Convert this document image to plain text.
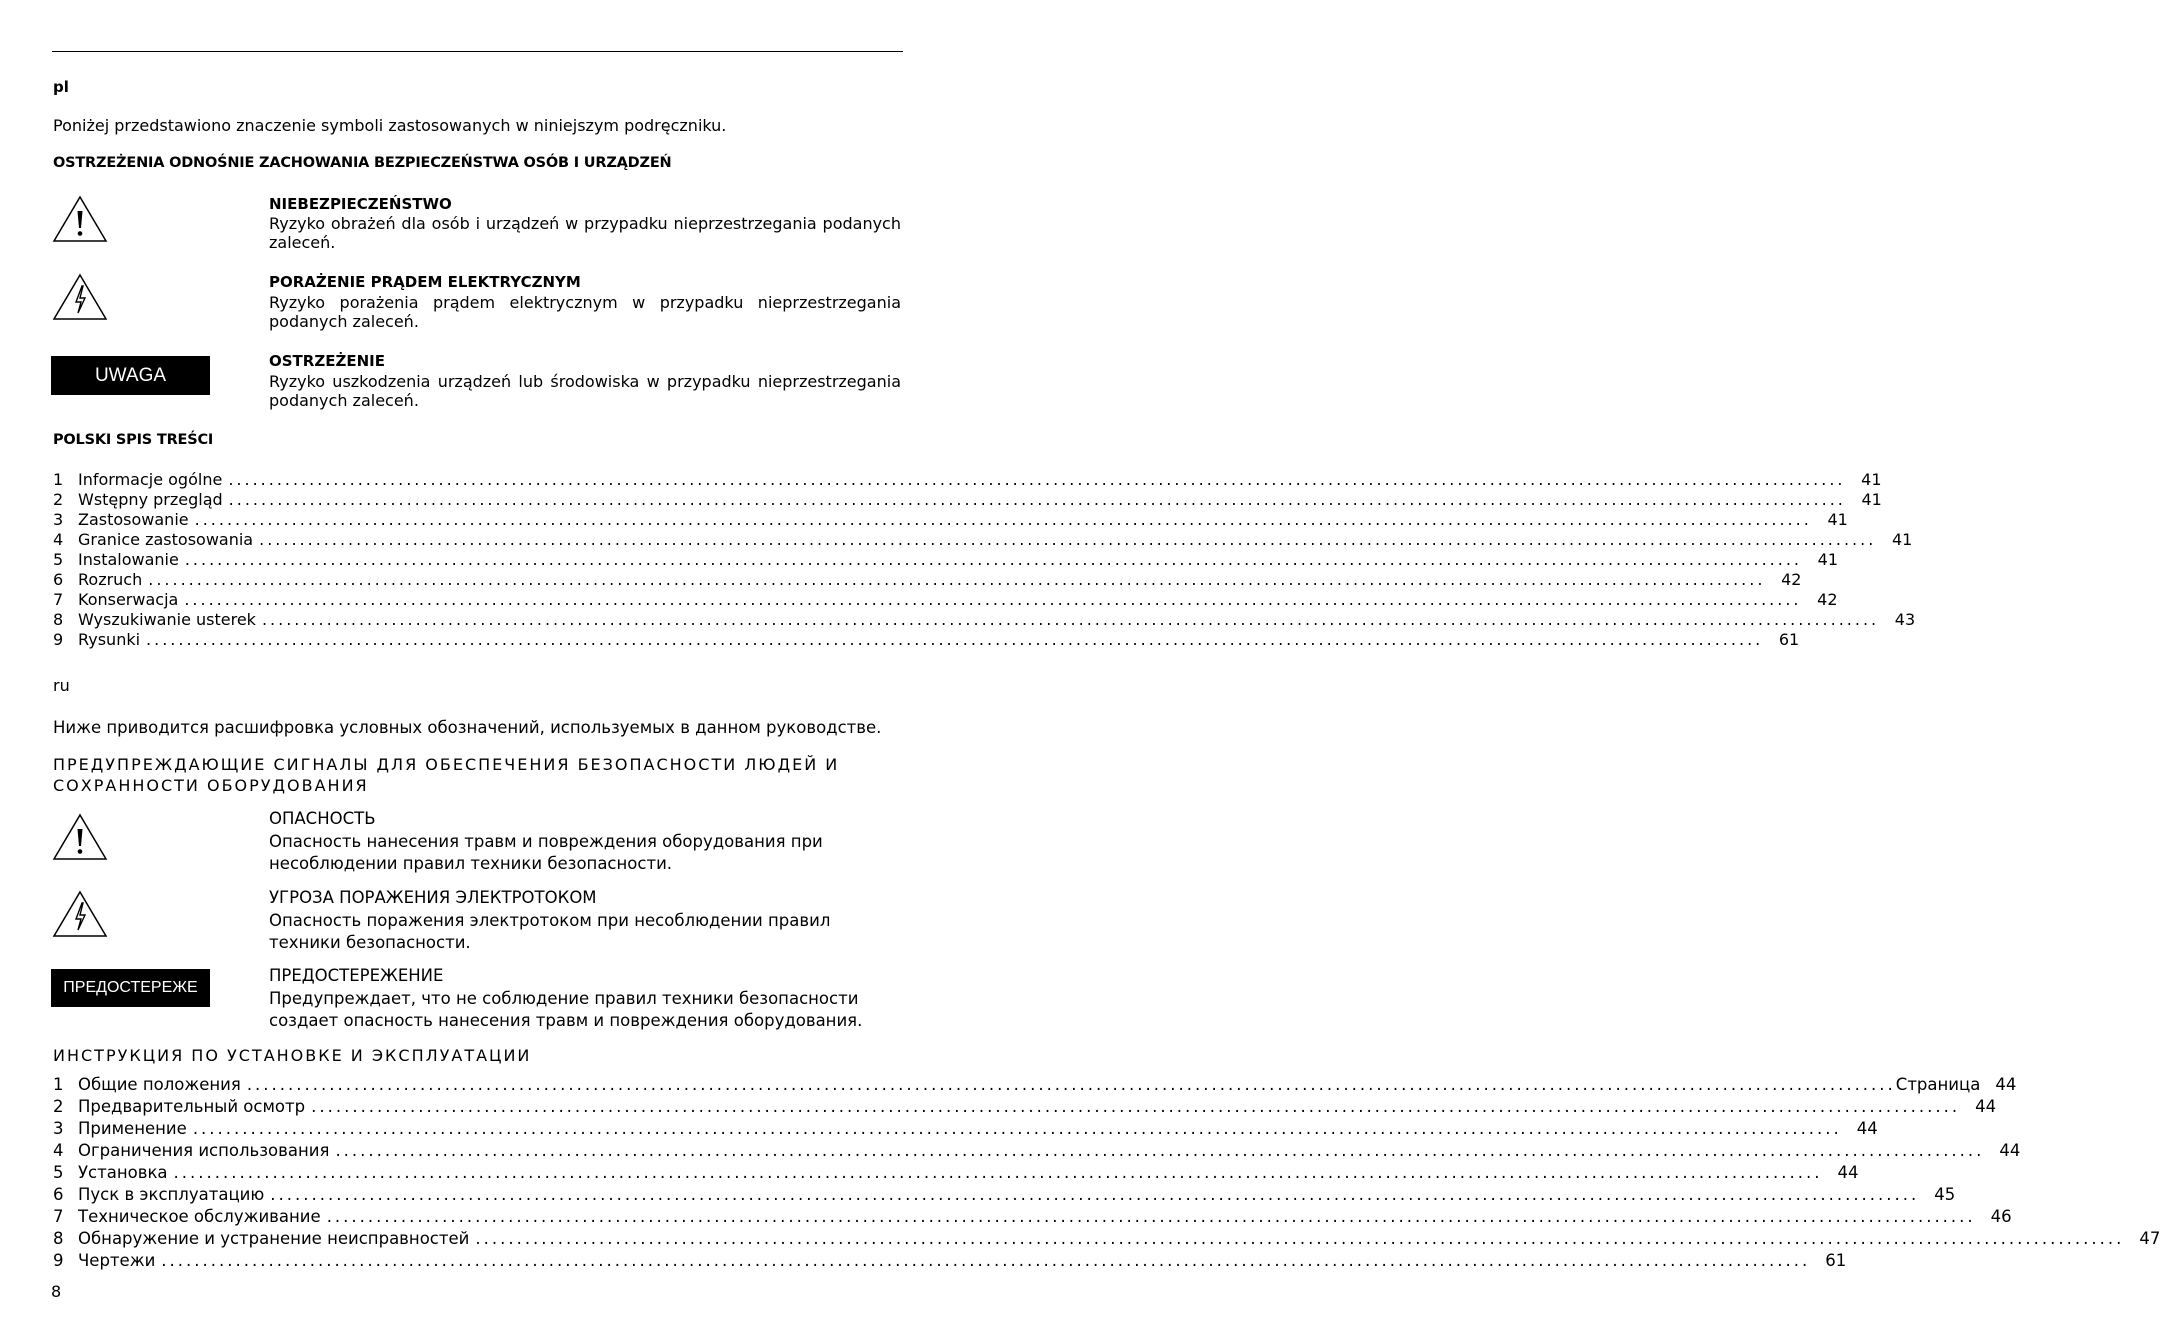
pl
Poniżej przedstawiono znaczenie symboli zastosowanych w niniejszym podręczniku.
OSTRZEŻENIA ODNOŚNIE ZACHOWANIA BEZPIECZEŃSTWA OSÓB I URZĄDZEŃ
NIEBEZPIECZEŃSTWO
Ryzyko obrażeń dla osób i urządzeń w przypadku nieprzestrzegania podanych zaleceń.
PORAŻENIE PRĄDEM ELEKTRYCZNYM
Ryzyko porażenia prądem elektrycznym w przypadku nieprzestrzegania podanych zaleceń.
UWAGA
OSTRZEŻENIE
Ryzyko uszkodzenia urządzeń lub środowiska w przypadku nieprzestrzegania podanych zaleceń.
POLSKI SPIS TREŚCI
1 Informacje ogólne ........................................................................................................................................................................................................ 41
2 Wstępny przegląd ........................................................................................................................................................................................................ 41
3 Zastosowanie ........................................................................................................................................................................................................ 41
4 Granice zastosowania ........................................................................................................................................................................................................ 41
5 Instalowanie ........................................................................................................................................................................................................ 41
6 Rozruch ........................................................................................................................................................................................................ 42
7 Konserwacja ........................................................................................................................................................................................................ 42
8 Wyszukiwanie usterek ........................................................................................................................................................................................................ 43
9 Rysunki ........................................................................................................................................................................................................ 61
ru
Ниже приводится расшифровка условных обозначений, используемых в данном руководстве.
ПРЕДУПРЕЖДАЮЩИЕ СИГНАЛЫ ДЛЯ ОБЕСПЕЧЕНИЯ БЕЗОПАСНОСТИ ЛЮДЕЙ И
СОХРАННОСТИ ОБОРУДОВАНИЯ
ОПАСНОСТЬ
Опасность нанесения травм и повреждения оборудования при
несоблюдении правил техники безопасности.
УГРОЗА ПОРАЖЕНИЯ ЭЛЕКТРОТОКОМ
Опасность поражения электротоком при несоблюдении правил
техники безопасности.
ПРЕДОСТЕРЕЖЕ
ПРЕДОСТЕРЕЖЕНИЕ
Предупреждает, что не соблюдение правил техники безопасности
создает опасность нанесения травм и повреждения оборудования.
ИНСТРУКЦИЯ ПО УСТАНОВКЕ И ЭКСПЛУАТАЦИИ
1 Общие положения ........................................................................................................................................................................................................ Страница 44
2 Предварительный осмотр ........................................................................................................................................................................................................ 44
3 Применение ........................................................................................................................................................................................................ 44
4 Ограничения использования ........................................................................................................................................................................................................ 44
5 Установка ........................................................................................................................................................................................................ 44
6 Пуск в эксплуатацию ........................................................................................................................................................................................................ 45
7 Техническое обслуживание ........................................................................................................................................................................................................ 46
8 Обнаружение и устранение неисправностей ........................................................................................................................................................................................................ 47
9 Чертежи ........................................................................................................................................................................................................ 61
8
